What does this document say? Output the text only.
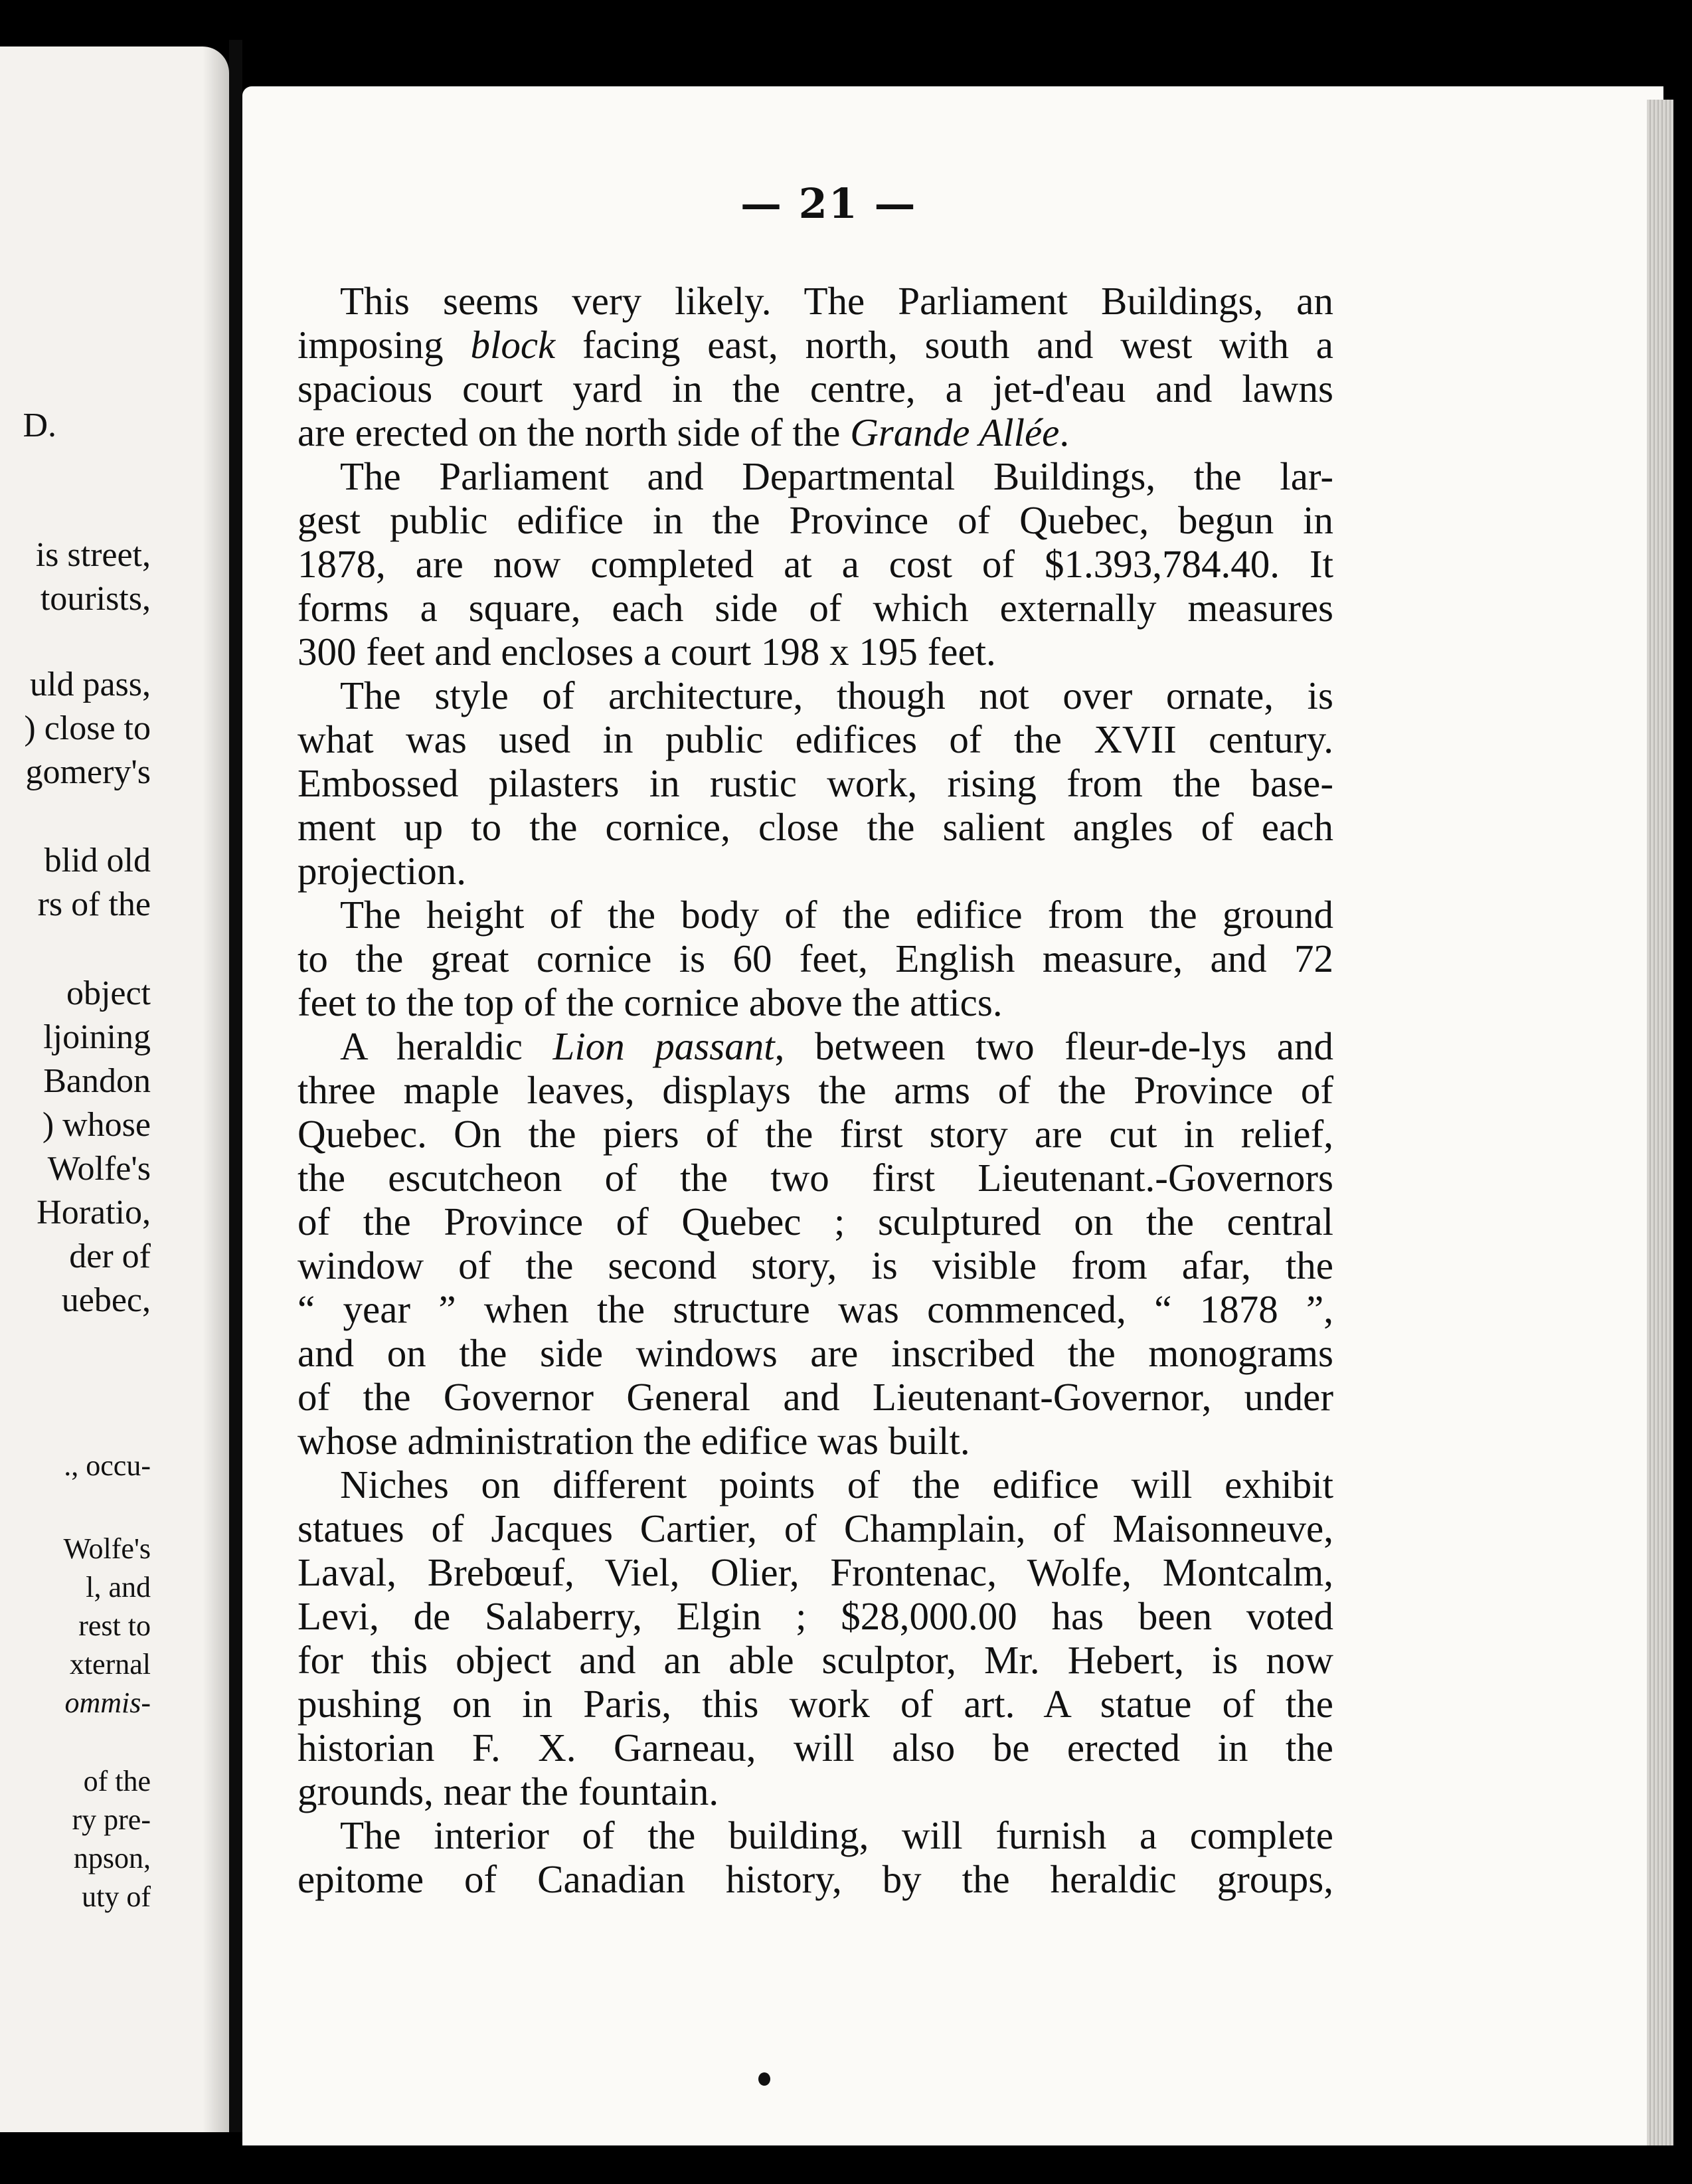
D.
is street,
tourists,
uld pass,
) close to
gomery's
blid old
rs of the
object
ljoining
Bandon
) whose
Wolfe's
Horatio,
der of
uebec,
., occu-
Wolfe's
l, and
rest to
xternal
ommis-
of the
ry pre-
npson,
uty of
— 21 —
This seems very likely. The Parliament Buildings, an
imposing block facing east, north, south and west with a
spacious court yard in the centre, a jet-d'eau and lawns
are erected on the north side of the Grande Allée.
The Parliament and Departmental Buildings, the lar-
gest public edifice in the Province of Quebec, begun in
1878, are now completed at a cost of $1.393,784.40. It
forms a square, each side of which externally measures
300 feet and encloses a court 198 x 195 feet.
The style of architecture, though not over ornate, is
what was used in public edifices of the XVII century.
Embossed pilasters in rustic work, rising from the base-
ment up to the cornice, close the salient angles of each
projection.
The height of the body of the edifice from the ground
to the great cornice is 60 feet, English measure, and 72
feet to the top of the cornice above the attics.
A heraldic Lion passant, between two fleur-de-lys and
three maple leaves, displays the arms of the Province of
Quebec. On the piers of the first story are cut in relief,
the escutcheon of the two first Lieutenant.-Governors
of the Province of Quebec ; sculptured on the central
window of the second story, is visible from afar, the
“ year ” when the structure was commenced, “ 1878 ”,
and on the side windows are inscribed the monograms
of the Governor General and Lieutenant-Governor, under
whose administration the edifice was built.
Niches on different points of the edifice will exhibit
statues of Jacques Cartier, of Champlain, of Maisonneuve,
Laval, Brebœuf, Viel, Olier, Frontenac, Wolfe, Montcalm,
Levi, de Salaberry, Elgin ; $28,000.00 has been voted
for this object and an able sculptor, Mr. Hebert, is now
pushing on in Paris, this work of art. A statue of the
historian F. X. Garneau, will also be erected in the
grounds, near the fountain.
The interior of the building, will furnish a complete
epitome of Canadian history, by the heraldic groups,
